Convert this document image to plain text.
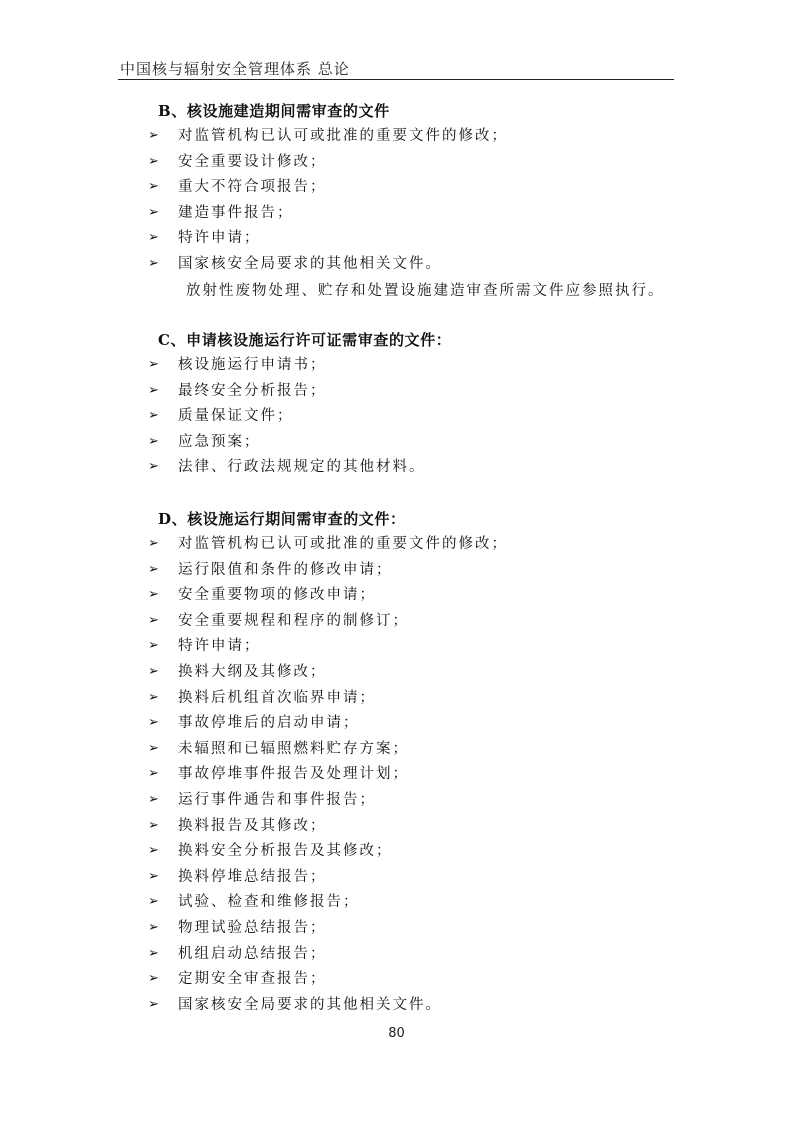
中国核与辐射安全管理体系 总论
B、核设施建造期间需审查的文件
➢	对监管机构已认可或批准的重要文件的修改；
➢	安全重要设计修改；
➢	重大不符合项报告；
➢	建造事件报告；
➢	特许申请；
➢	国家核安全局要求的其他相关文件。
放射性废物处理、贮存和处置设施建造审查所需文件应参照执行。
C、申请核设施运行许可证需审查的文件：
➢	核设施运行申请书；
➢	最终安全分析报告；
➢	质量保证文件；
➢	应急预案；
➢	法律、行政法规规定的其他材料。
D、核设施运行期间需审查的文件：
➢	对监管机构已认可或批准的重要文件的修改；
➢	运行限值和条件的修改申请；
➢	安全重要物项的修改申请；
➢	安全重要规程和程序的制修订；
➢	特许申请；
➢	换料大纲及其修改；
➢	换料后机组首次临界申请；
➢	事故停堆后的启动申请；
➢	未辐照和已辐照燃料贮存方案；
➢	事故停堆事件报告及处理计划；
➢	运行事件通告和事件报告；
➢	换料报告及其修改；
➢	换料安全分析报告及其修改；
➢	换料停堆总结报告；
➢	试验、检查和维修报告；
➢	物理试验总结报告；
➢	机组启动总结报告；
➢	定期安全审查报告；
➢	国家核安全局要求的其他相关文件。
80
